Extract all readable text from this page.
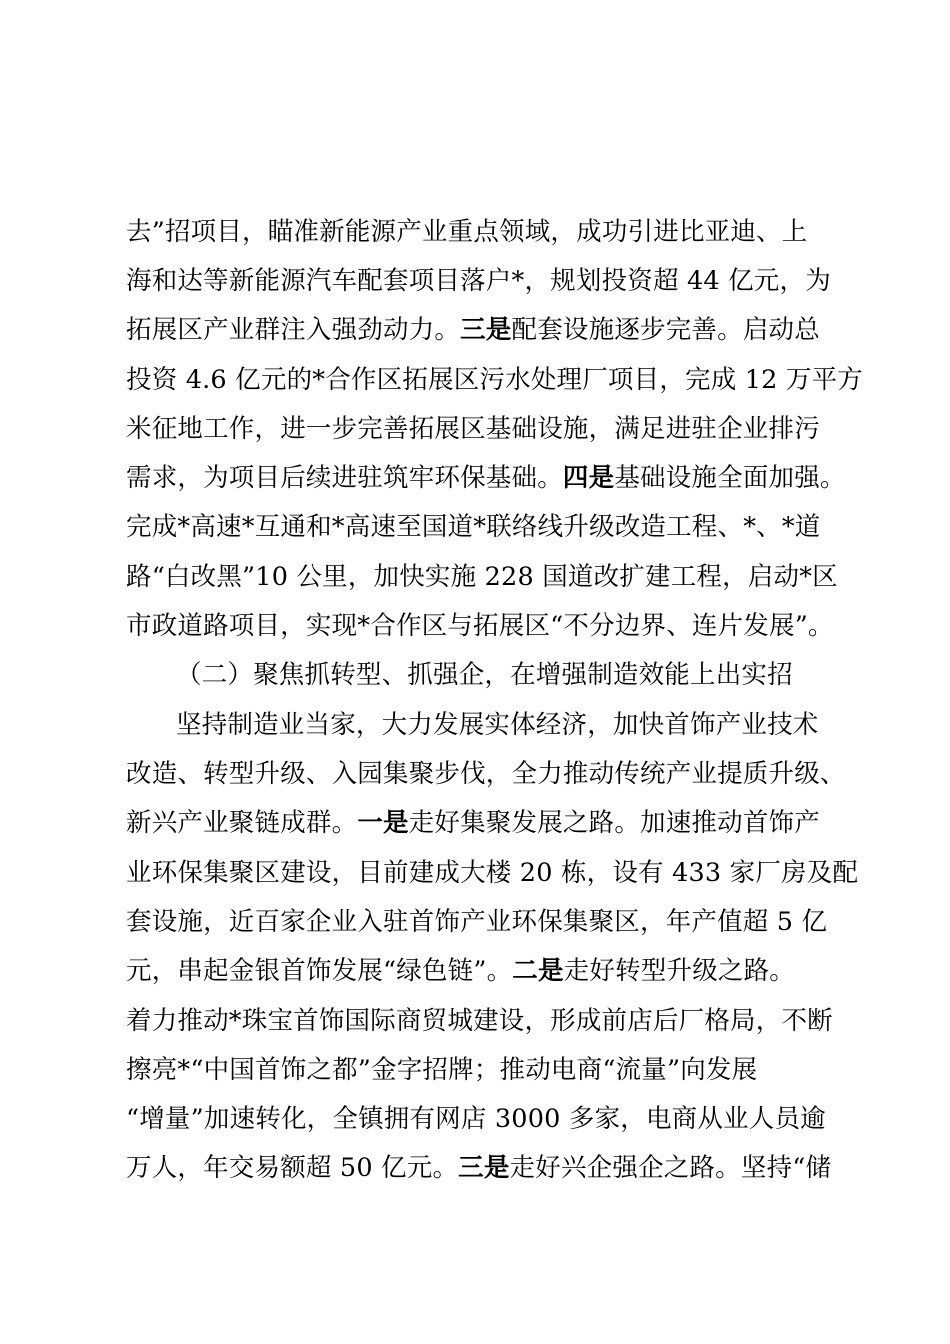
去”招项目，瞄准新能源产业重点领域，成功引进比亚迪、上

海和达等新能源汽车配套项目落户*，规划投资超 44 亿元，为

拓展区产业群注入强劲动力。三是配套设施逐步完善。启动总

投资 4.6 亿元的*合作区拓展区污水处理厂项目，完成 12 万平方

米征地工作，进一步完善拓展区基础设施，满足进驻企业排污

需求，为项目后续进驻筑牢环保基础。四是基础设施全面加强。

完成*高速*互通和*高速至国道*联络线升级改造工程、*、*道

路“白改黑”10 公里，加快实施 228 国道改扩建工程，启动*区

市政道路项目，实现*合作区与拓展区“不分边界、连片发展”。

（二）聚焦抓转型、抓强企，在增强制造效能上出实招

坚持制造业当家，大力发展实体经济，加快首饰产业技术

改造、转型升级、入园集聚步伐，全力推动传统产业提质升级、

新兴产业聚链成群。一是走好集聚发展之路。加速推动首饰产

业环保集聚区建设，目前建成大楼 20 栋，设有 433 家厂房及配

套设施，近百家企业入驻首饰产业环保集聚区，年产值超 5 亿

元，串起金银首饰发展“绿色链”。二是走好转型升级之路。

着力推动*珠宝首饰国际商贸城建设，形成前店后厂格局，不断

擦亮*“中国首饰之都”金字招牌；推动电商“流量”向发展

“增量”加速转化，全镇拥有网店 3000 多家，电商从业人员逾

万人，年交易额超 50 亿元。三是走好兴企强企之路。坚持“储
